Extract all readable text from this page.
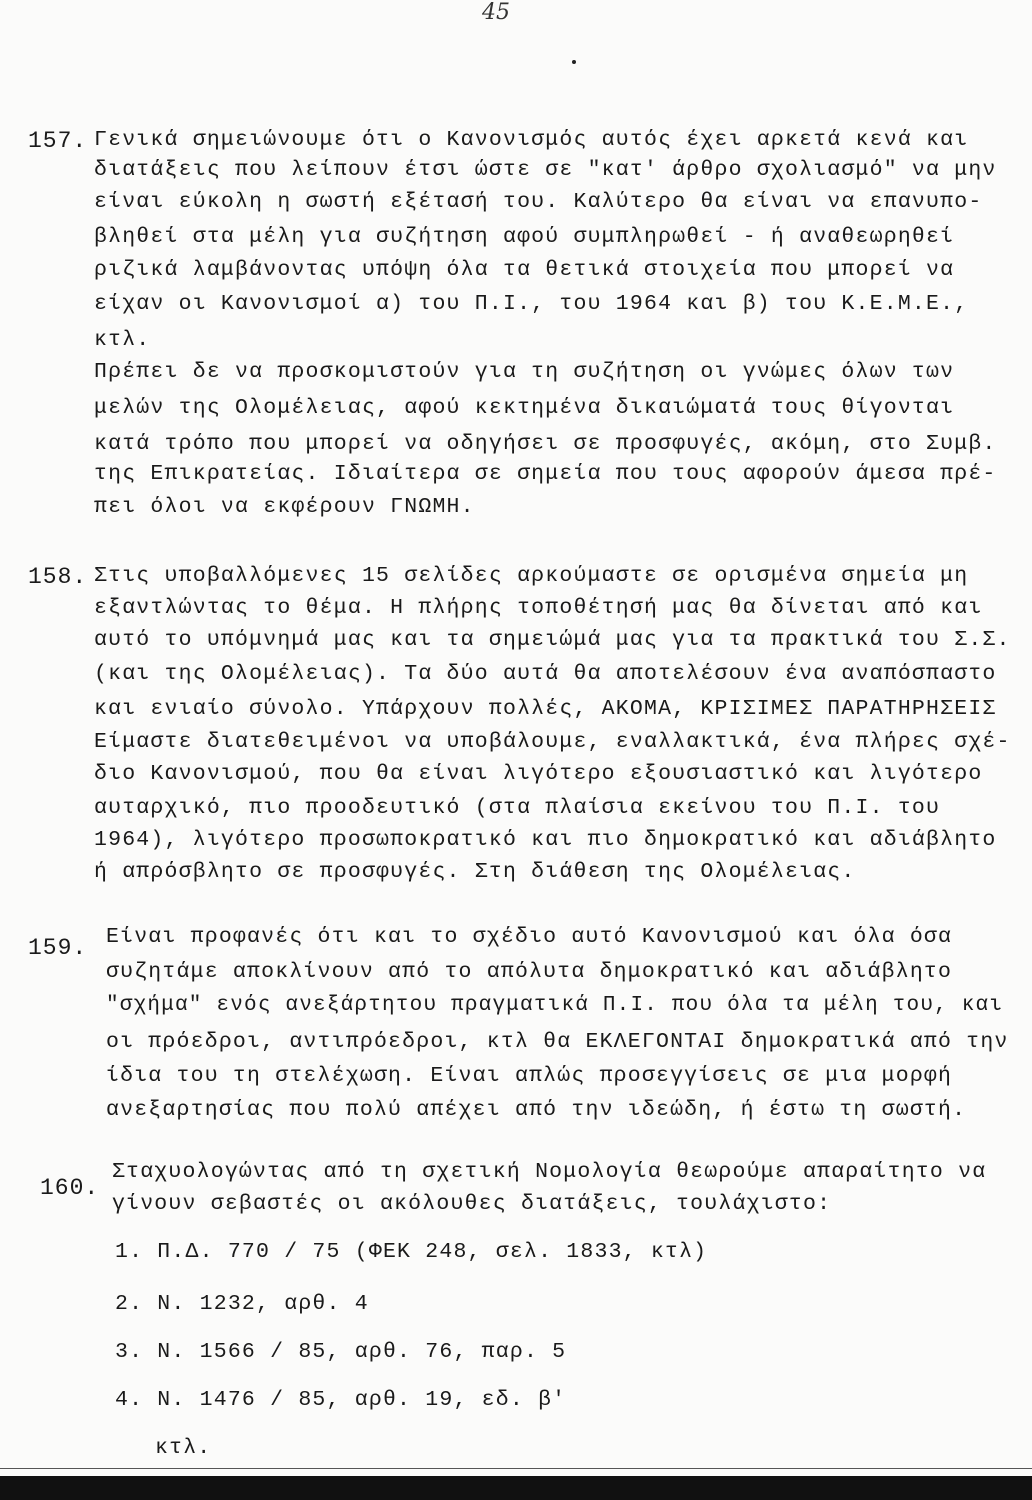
45
157. Γενικά σημειώνουμε ότι ο Κανονισμός αυτός έχει αρκετά κενά και
διατάξεις που λείπουν έτσι ώστε σε "κατ' άρθρο σχολιασμό" να μην
είναι εύκολη η σωστή εξέτασή του. Καλύτερο θα είναι να επανυπο-
βληθεί στα μέλη για συζήτηση αφού συμπληρωθεί - ή αναθεωρηθεί
ριζικά λαμβάνοντας υπόψη όλα τα θετικά στοιχεία που μπορεί να
είχαν οι Κανονισμοί α) του Π.Ι., του 1964 και β) του Κ.Ε.Μ.Ε.,
κτλ.
Πρέπει δε να προσκομιστούν για τη συζήτηση οι γνώμες όλων των
μελών της Ολομέλειας, αφού κεκτημένα δικαιώματά τους θίγονται
κατά τρόπο που μπορεί να οδηγήσει σε προσφυγές, ακόμη, στο Συμβ.
της Επικρατείας. Ιδιαίτερα σε σημεία που τους αφορούν άμεσα πρέ-
πει όλοι να εκφέρουν ΓΝΩΜΗ.
158. Στις υποβαλλόμενες 15 σελίδες αρκούμαστε σε ορισμένα σημεία μη
εξαντλώντας το θέμα. Η πλήρης τοποθέτησή μας θα δίνεται από και
αυτό το υπόμνημά μας και τα σημειώμά μας για τα πρακτικά του Σ.Σ.
(και της Ολομέλειας). Τα δύο αυτά θα αποτελέσουν ένα αναπόσπαστο
και ενιαίο σύνολο. Υπάρχουν πολλές, ΑΚΟΜΑ, ΚΡΙΣΙΜΕΣ ΠΑΡΑΤΗΡΗΣΕΙΣ
Είμαστε διατεθειμένοι να υποβάλουμε, εναλλακτικά, ένα πλήρες σχέ-
διο Κανονισμού, που θα είναι λιγότερο εξουσιαστικό και λιγότερο
αυταρχικό, πιο προοδευτικό (στα πλαίσια εκείνου του Π.Ι. του
1964), λιγότερο προσωποκρατικό και πιο δημοκρατικό και αδιάβλητο
ή απρόσβλητο σε προσφυγές. Στη διάθεση της Ολομέλειας.
159. Είναι προφανές ότι και το σχέδιο αυτό Κανονισμού και όλα όσα
συζητάμε αποκλίνουν από το απόλυτα δημοκρατικό και αδιάβλητο
"σχήμα" ενός ανεξάρτητου πραγματικά Π.Ι. που όλα τα μέλη του, και
οι πρόεδροι, αντιπρόεδροι, κτλ θα ΕΚΛΕΓΟΝΤΑΙ δημοκρατικά από την
ίδια του τη στελέχωση. Είναι απλώς προσεγγίσεις σε μια μορφή
ανεξαρτησίας που πολύ απέχει από την ιδεώδη, ή έστω τη σωστή.
160.
Σταχυολογώντας από τη σχετική Νομολογία θεωρούμε απαραίτητο να
γίνουν σεβαστές οι ακόλουθες διατάξεις, τουλάχιστο:
1. Π.Δ. 770 / 75 (ΦΕΚ 248, σελ. 1833, κτλ)
2. Ν. 1232, αρθ. 4
3. Ν. 1566 / 85, αρθ. 76, παρ. 5
4. Ν. 1476 / 85, αρθ. 19, εδ. β'
κτλ.
